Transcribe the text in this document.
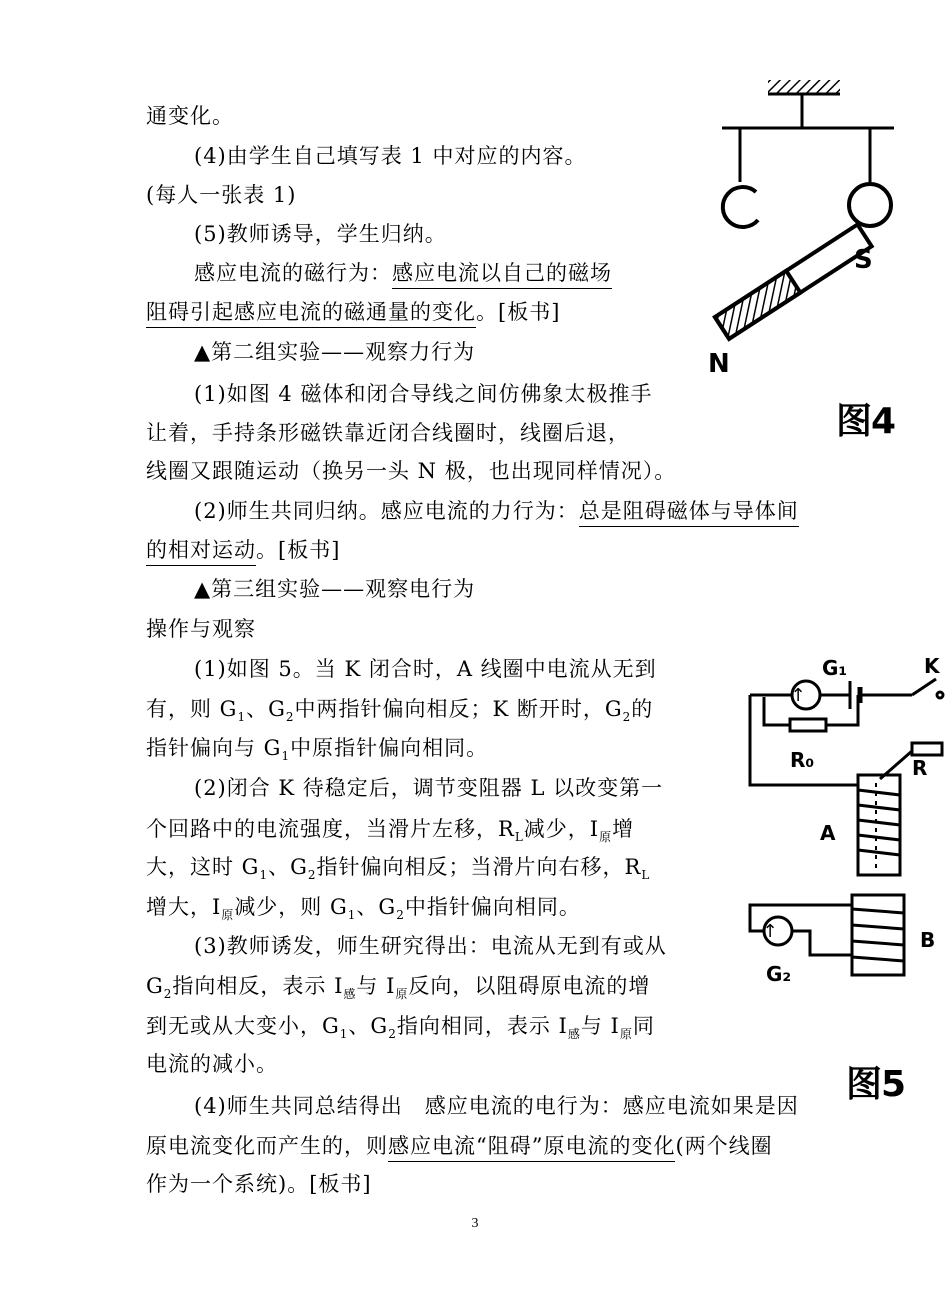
通变化。
(4)由学生自己填写表 1 中对应的内容。
(每人一张表 1)
(5)教师诱导，学生归纳。
感应电流的磁行为：感应电流以自己的磁场
阻碍引起感应电流的磁通量的变化。[板书]
▲第二组实验——观察力行为
(1)如图 4 磁体和闭合导线之间仿佛象太极推手
让着，手持条形磁铁靠近闭合线圈时，线圈后退，
线圈又跟随运动（换另一头 N 极，也出现同样情况）。
(2)师生共同归纳。感应电流的力行为：总是阻碍磁体与导体间
的相对运动。[板书]
▲第三组实验——观察电行为
操作与观察
(1)如图 5。当 K 闭合时，A 线圈中电流从无到
有，则 $G_1$、$G_2$中两指针偏向相反；K 断开时，$G_2$的
指针偏向与 $G_1$中原指针偏向相同。
(2)闭合 K 待稳定后，调节变阻器 L 以改变第一
个回路中的电流强度，当滑片左移，$R_L$减少，$I_原$增
大，这时 $G_1$、$G_2$指针偏向相反；当滑片向右移，$R_L$
增大，$I_原$减少，则 $G_1$、$G_2$中指针偏向相同。
(3)教师诱发，师生研究得出：电流从无到有或从
$G_2$指向相反，表示 $I_感$与 $I_原$反向，以阻碍原电流的增
到无或从大变小，$G_1$、$G_2$指向相同，表示 $I_感$与 $I_原$同
电流的减小。
(4)师生共同总结得出　感应电流的电行为：感应电流如果是因
原电流变化而产生的，则感应电流“阻碍”原电流的变化(两个线圈
作为一个系统)。[板书]
S
N
图4
↑
↑
G₁	K
R₀	R
A
B
G₂
图5
3
